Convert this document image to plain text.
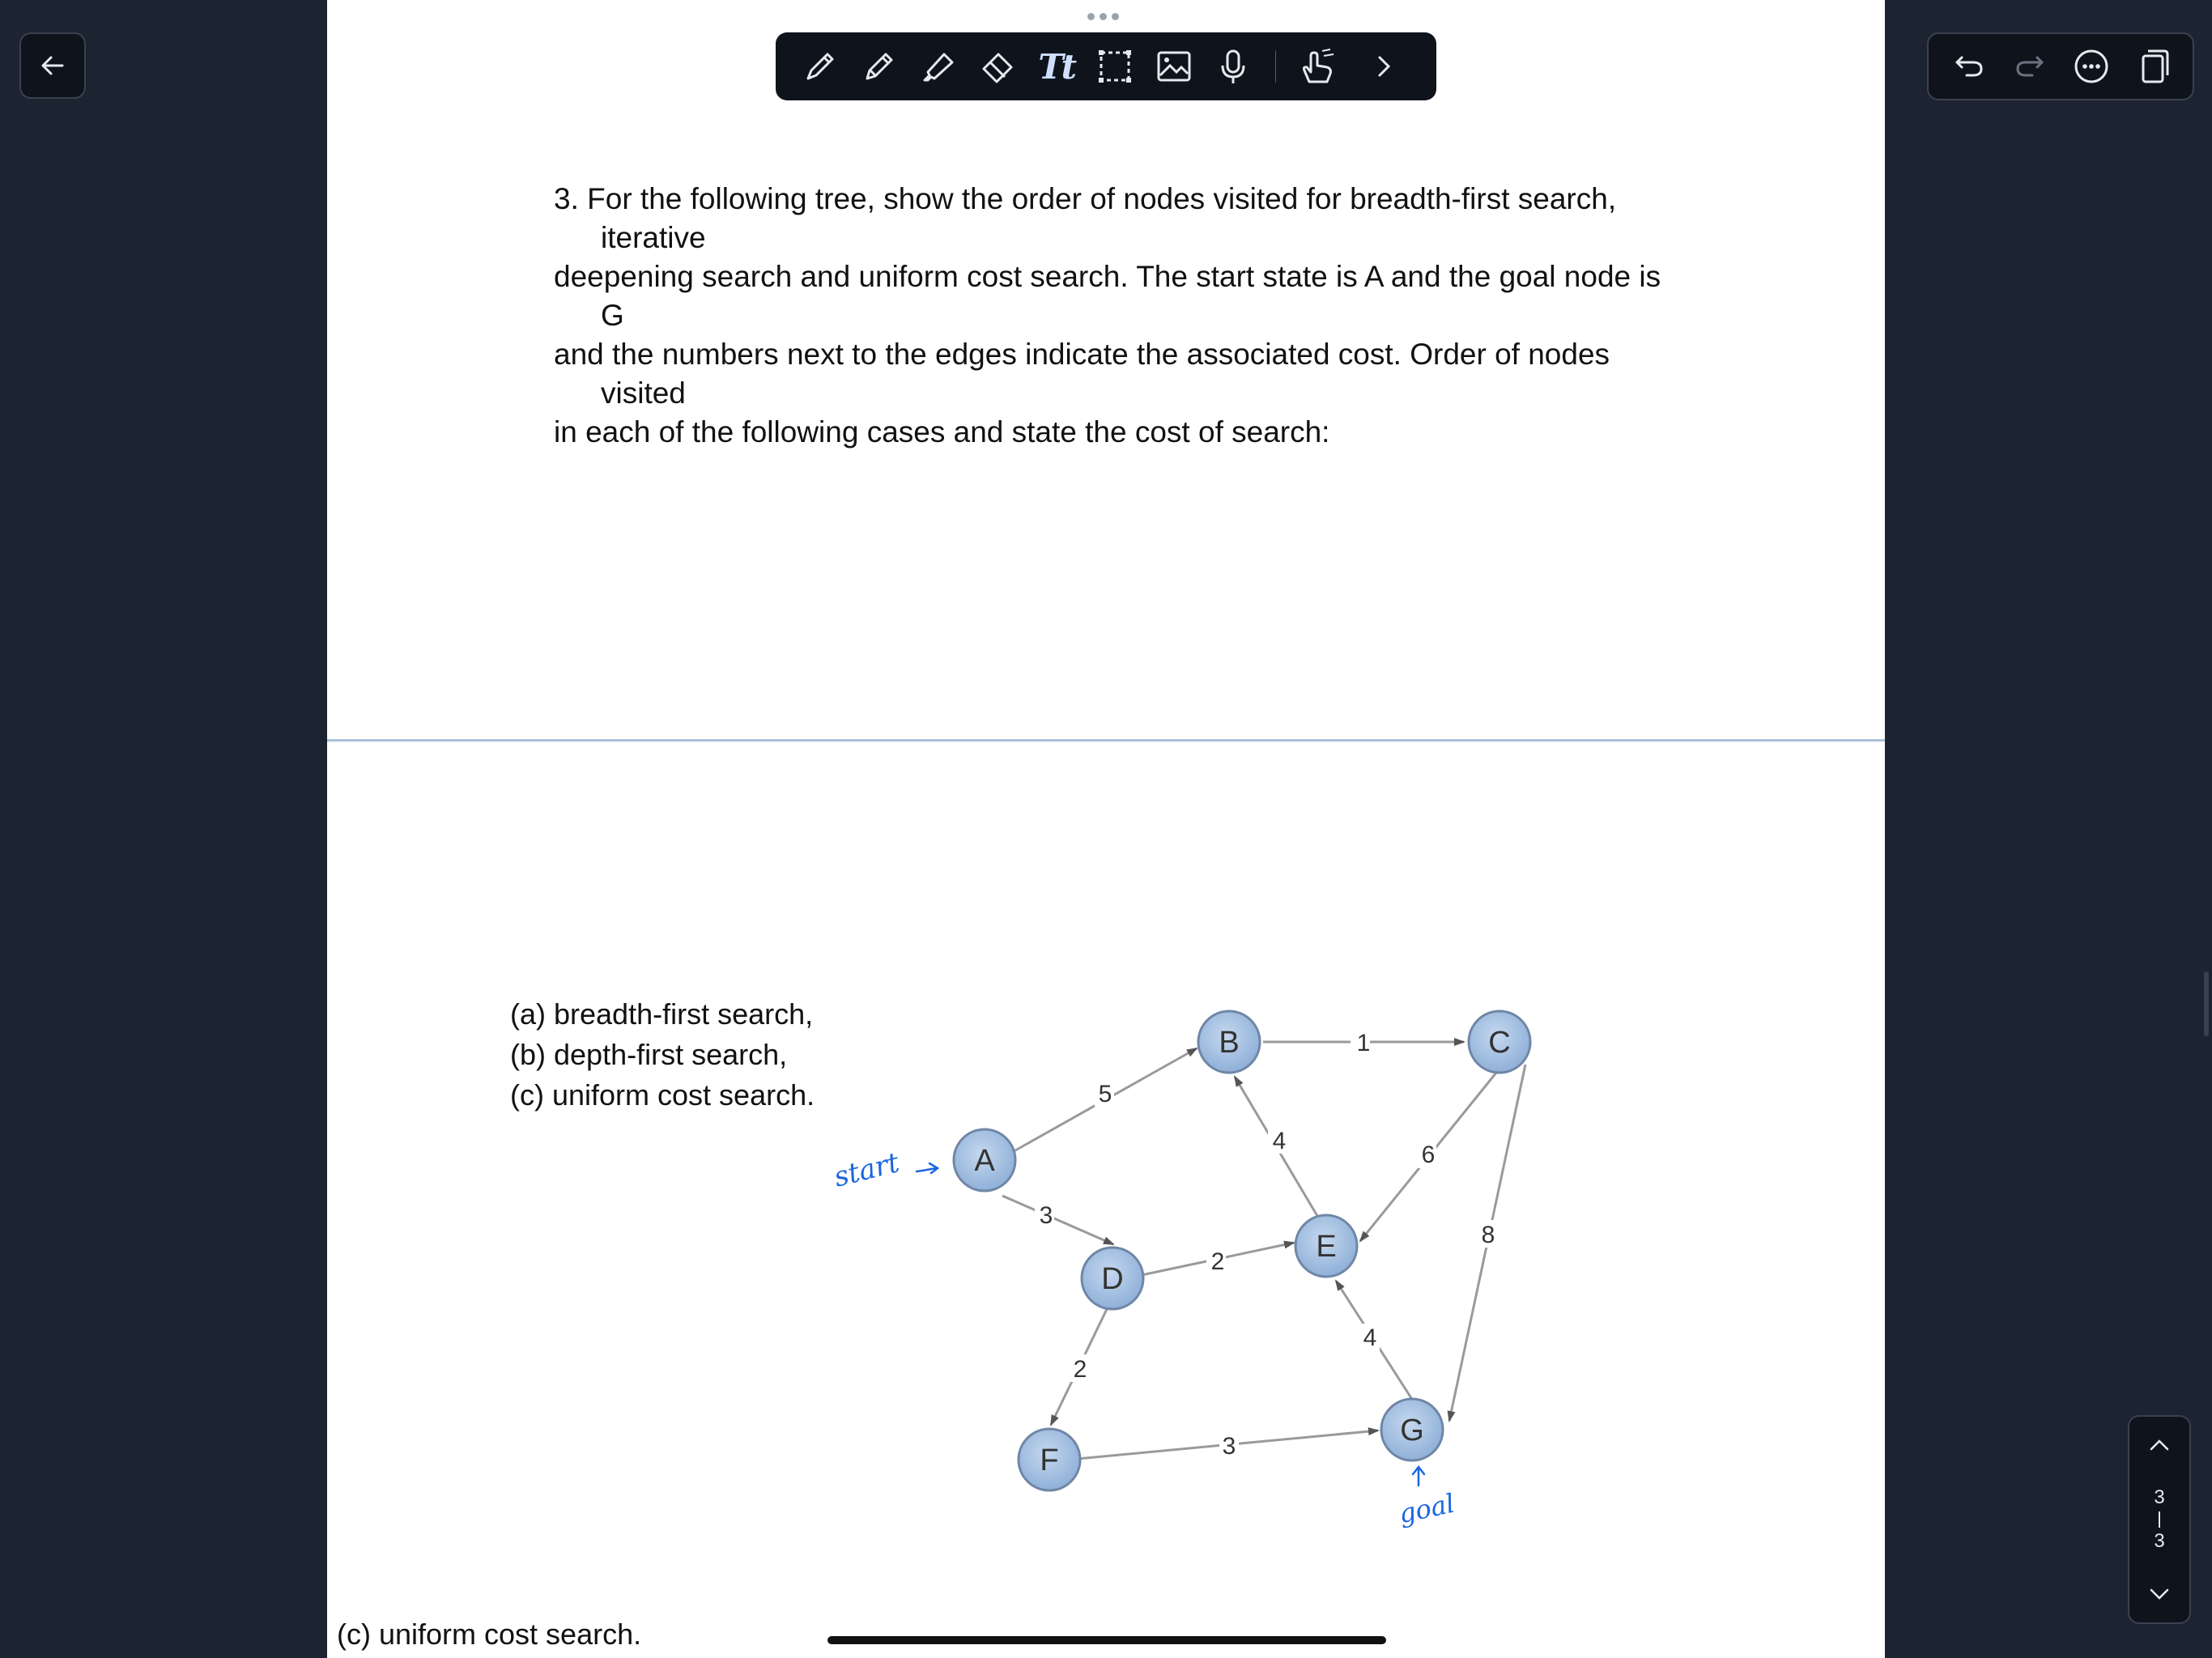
Tt

3. For the following tree, show the order of nodes visited for breadth-first search, iterative

deepening search and uniform cost search. The start state is A and the goal node is G

and the numbers next to the edges indicate the associated cost. Order of nodes visited

in each of the following cases and state the cost of search:

(a) breadth-first search,
(b) depth-first search,
(c) uniform cost search.	5
3
1
4
6
8
2
2
4
3
A
B	C
D
E
F
G
start
goal
(c) uniform cost search.
3
3
